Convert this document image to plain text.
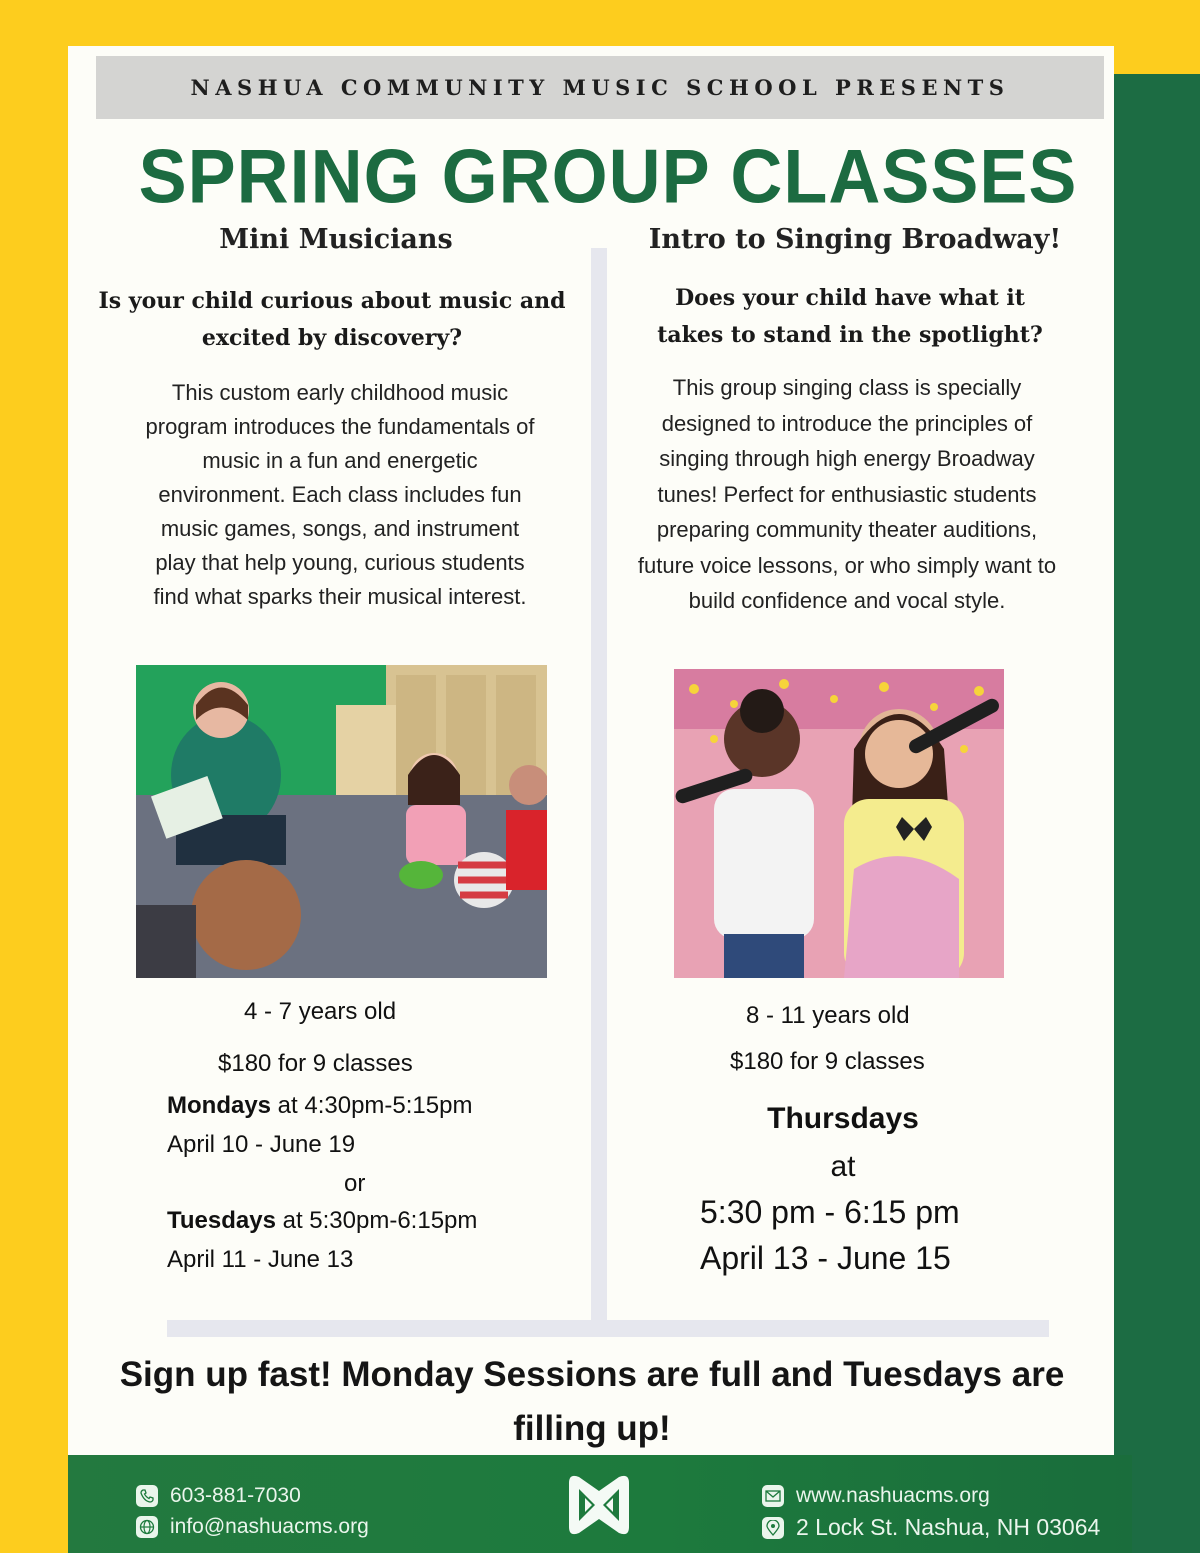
NASHUA COMMUNITY MUSIC SCHOOL PRESENTS
SPRING GROUP CLASSES
Mini Musicians
Is your child curious about music and excited by discovery?
This custom early childhood music program introduces the fundamentals of music in a fun and energetic environment. Each class includes fun music games, songs, and instrument play that help young, curious students find what sparks their musical interest.
4 - 7 years old
$180 for 9 classes
Mondays at 4:30pm-5:15pm
April 10 - June 19
or
Tuesdays at 5:30pm-6:15pm
April 11 - June 13
Intro to Singing Broadway!
Does your child have what it takes to stand in the spotlight?
This group singing class is specially designed to introduce the principles of singing through high energy Broadway tunes! Perfect for enthusiastic students preparing community theater auditions, future voice lessons, or who simply want to build confidence and vocal style.
8 - 11 years old
$180 for 9 classes
Thursdays
at
5:30 pm - 6:15 pm
April 13 - June 15
Sign up fast! Monday Sessions are full and Tuesdays are filling up!
603-881-7030
info@nashuacms.org
www.nashuacms.org
2 Lock St. Nashua, NH 03064
